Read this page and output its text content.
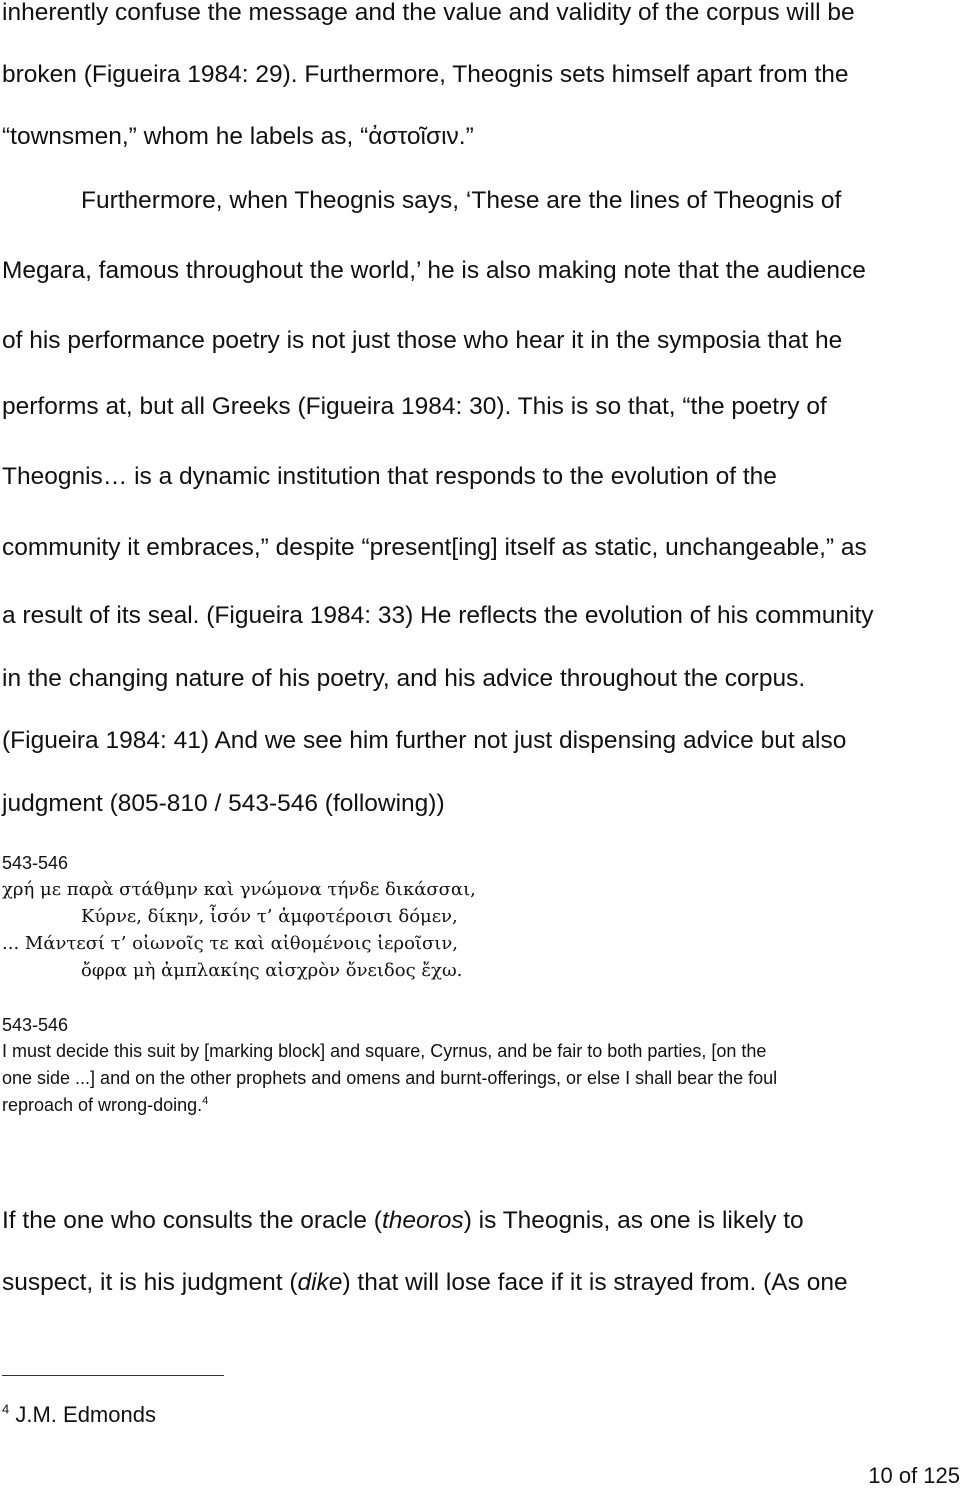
inherently confuse the message and the value and validity of the corpus will be

broken (Figueira 1984: 29). Furthermore, Theognis sets himself apart from the

“townsmen,” whom he labels as, “ἀστοῖσιν.”

Furthermore, when Theognis says, ‘These are the lines of Theognis of

Megara, famous throughout the world,’ he is also making note that the audience

of his performance poetry is not just those who hear it in the symposia that he

performs at, but all Greeks (Figueira 1984: 30). This is so that, “the poetry of

Theognis… is a dynamic institution that responds to the evolution of the

community it embraces,” despite “present[ing] itself as static, unchangeable,” as

a result of its seal. (Figueira 1984: 33) He reflects the evolution of his community

in the changing nature of his poetry, and his advice throughout the corpus.

(Figueira 1984: 41) And we see him further not just dispensing advice but also

judgment (805-810 / 543-546 (following))

543-546

χρή με παρὰ στάθμην καὶ γνώμονα τήνδε δικάσσαι,

Κύρνε, δίκην, ἶσόν τ’ ἀμφοτέροισι δόμεν,

... Μάντεσί τ’ οἰωνοῖς τε καὶ αἰθομένοις ἱεροῖσιν,

ὄφρα μὴ ἀμπλακίης αἰσχρὸν ὄνειδος ἔχω.

543-546

I must decide this suit by [marking block] and square, Cyrnus, and be fair to both parties, [on the

one side ...] and on the other prophets and omens and burnt-offerings, or else I shall bear the foul

reproach of wrong-doing.$^4$

If the one who consults the oracle (theoros) is Theognis, as one is likely to

suspect, it is his judgment (dike) that will lose face if it is strayed from. (As one

$^4$ J.M. Edmonds
10 of 125
